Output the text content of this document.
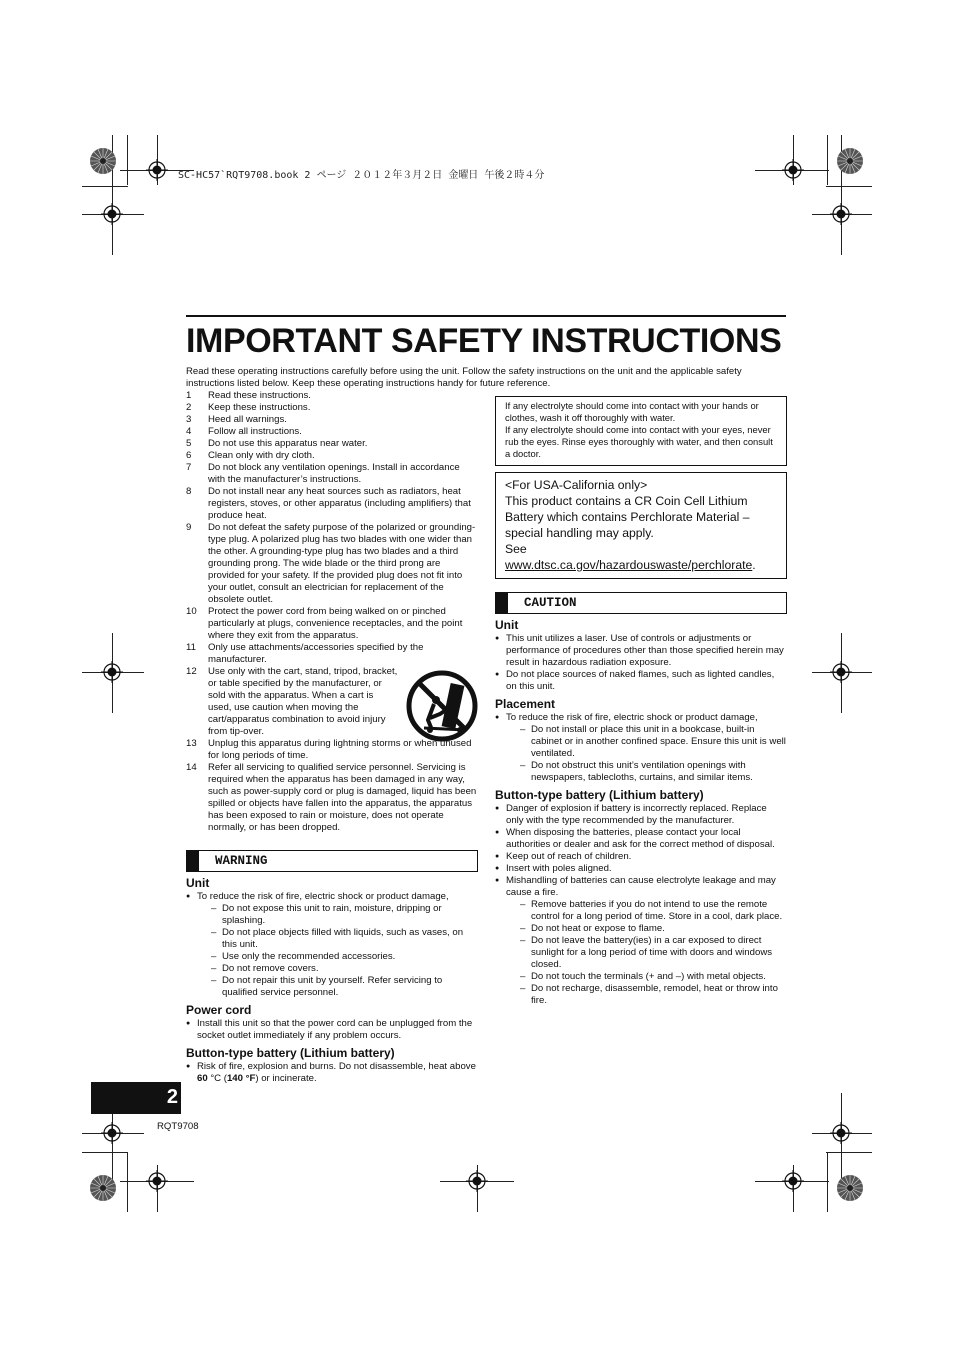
SC-HC57`RQT9708.book 2 ページ ２０１２年３月２日 金曜日 午後２時４分
IMPORTANT SAFETY INSTRUCTIONS
Read these operating instructions carefully before using the unit. Follow the safety instructions on the unit and the applicable safety instructions listed below. Keep these operating instructions handy for future reference.
1 Read these instructions.
2 Keep these instructions.
3 Heed all warnings.
4 Follow all instructions.
5 Do not use this apparatus near water.
6 Clean only with dry cloth.
7 Do not block any ventilation openings. Install in accordance with the manufacturer’s instructions.
8 Do not install near any heat sources such as radiators, heat registers, stoves, or other apparatus (including amplifiers) that produce heat.
9 Do not defeat the safety purpose of the polarized or grounding-type plug. A polarized plug has two blades with one wider than the other. A grounding-type plug has two blades and a third grounding prong. The wide blade or the third prong are provided for your safety. If the provided plug does not fit into your outlet, consult an electrician for replacement of the obsolete outlet.
10 Protect the power cord from being walked on or pinched particularly at plugs, convenience receptacles, and the point where they exit from the apparatus.
11 Only use attachments/accessories specified by the manufacturer.
12 Use only with the cart, stand, tripod, bracket, or table specified by the manufacturer, or sold with the apparatus. When a cart is used, use caution when moving the cart/apparatus combination to avoid injury from tip-over.
13 Unplug this apparatus during lightning storms or when unused for long periods of time.
14 Refer all servicing to qualified service personnel. Servicing is required when the apparatus has been damaged in any way, such as power-supply cord or plug is damaged, liquid has been spilled or objects have fallen into the apparatus, the apparatus has been exposed to rain or moisture, does not operate normally, or has been dropped.
WARNING
Unit
● To reduce the risk of fire, electric shock or product damage,
– Do not expose this unit to rain, moisture, dripping or splashing.
– Do not place objects filled with liquids, such as vases, on this unit.
– Use only the recommended accessories.
– Do not remove covers.
– Do not repair this unit by yourself. Refer servicing to qualified service personnel.
Power cord
● Install this unit so that the power cord can be unplugged from the socket outlet immediately if any problem occurs.
Button-type battery (Lithium battery)
● Risk of fire, explosion and burns. Do not disassemble, heat above 60 °C (140 °F) or incinerate.
If any electrolyte should come into contact with your hands or clothes, wash it off thoroughly with water.
If any electrolyte should come into contact with your eyes, never rub the eyes. Rinse eyes thoroughly with water, and then consult a doctor.
<For USA-California only>
This product contains a CR Coin Cell Lithium Battery which contains Perchlorate Material – special handling may apply.
See www.dtsc.ca.gov/hazardouswaste/perchlorate.
CAUTION
Unit
● This unit utilizes a laser. Use of controls or adjustments or performance of procedures other than those specified herein may result in hazardous radiation exposure.
● Do not place sources of naked flames, such as lighted candles, on this unit.
Placement
● To reduce the risk of fire, electric shock or product damage,
– Do not install or place this unit in a bookcase, built-in cabinet or in another confined space. Ensure this unit is well ventilated.
– Do not obstruct this unit’s ventilation openings with newspapers, tablecloths, curtains, and similar items.
Button-type battery (Lithium battery)
● Danger of explosion if battery is incorrectly replaced. Replace only with the type recommended by the manufacturer.
● When disposing the batteries, please contact your local authorities or dealer and ask for the correct method of disposal.
● Keep out of reach of children.
● Insert with poles aligned.
● Mishandling of batteries can cause electrolyte leakage and may cause a fire.
– Remove batteries if you do not intend to use the remote control for a long period of time. Store in a cool, dark place.
– Do not heat or expose to flame.
– Do not leave the battery(ies) in a car exposed to direct sunlight for a long period of time with doors and windows closed.
– Do not touch the terminals (+ and –) with metal objects.
– Do not recharge, disassemble, remodel, heat or throw into fire.
2
RQT9708
